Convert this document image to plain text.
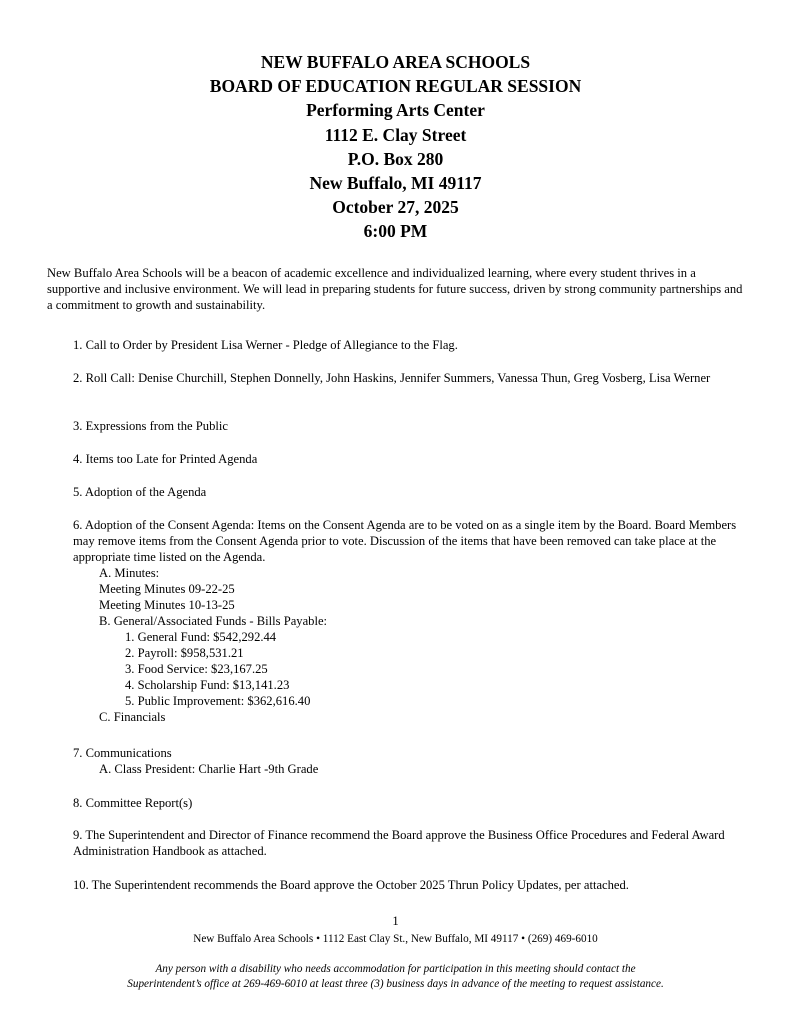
NEW BUFFALO AREA SCHOOLS
BOARD OF EDUCATION REGULAR SESSION
Performing Arts Center
1112 E. Clay Street
P.O. Box 280
New Buffalo, MI 49117
October 27, 2025
6:00 PM
New Buffalo Area Schools will be a beacon of academic excellence and individualized learning, where every student thrives in a supportive and inclusive environment. We will lead in preparing students for future success, driven by strong community partnerships and a commitment to growth and sustainability.
1. Call to Order by President Lisa Werner - Pledge of Allegiance to the Flag.
2. Roll Call: Denise Churchill, Stephen Donnelly, John Haskins, Jennifer Summers, Vanessa Thun, Greg Vosberg, Lisa Werner
3. Expressions from the Public
4. Items too Late for Printed Agenda
5. Adoption of the Agenda
6. Adoption of the Consent Agenda: Items on the Consent Agenda are to be voted on as a single item by the Board. Board Members may remove items from the Consent Agenda prior to vote. Discussion of the items that have been removed can take place at the appropriate time listed on the Agenda.
A. Minutes:
Meeting Minutes 09-22-25
Meeting Minutes 10-13-25
B. General/Associated Funds - Bills Payable:
1. General Fund: $542,292.44
2. Payroll: $958,531.21
3. Food Service: $23,167.25
4. Scholarship Fund: $13,141.23
5. Public Improvement: $362,616.40
C. Financials
7. Communications
A. Class President: Charlie Hart -9th Grade
8. Committee Report(s)
9. The Superintendent and Director of Finance recommend the Board approve the Business Office Procedures and Federal Award Administration Handbook as attached.
10. The Superintendent recommends the Board approve the October 2025 Thrun Policy Updates, per attached.
1
New Buffalo Area Schools • 1112 East Clay St., New Buffalo, MI 49117 • (269) 469-6010
Any person with a disability who needs accommodation for participation in this meeting should contact the
Superintendent’s office at 269-469-6010 at least three (3) business days in advance of the meeting to request assistance.
